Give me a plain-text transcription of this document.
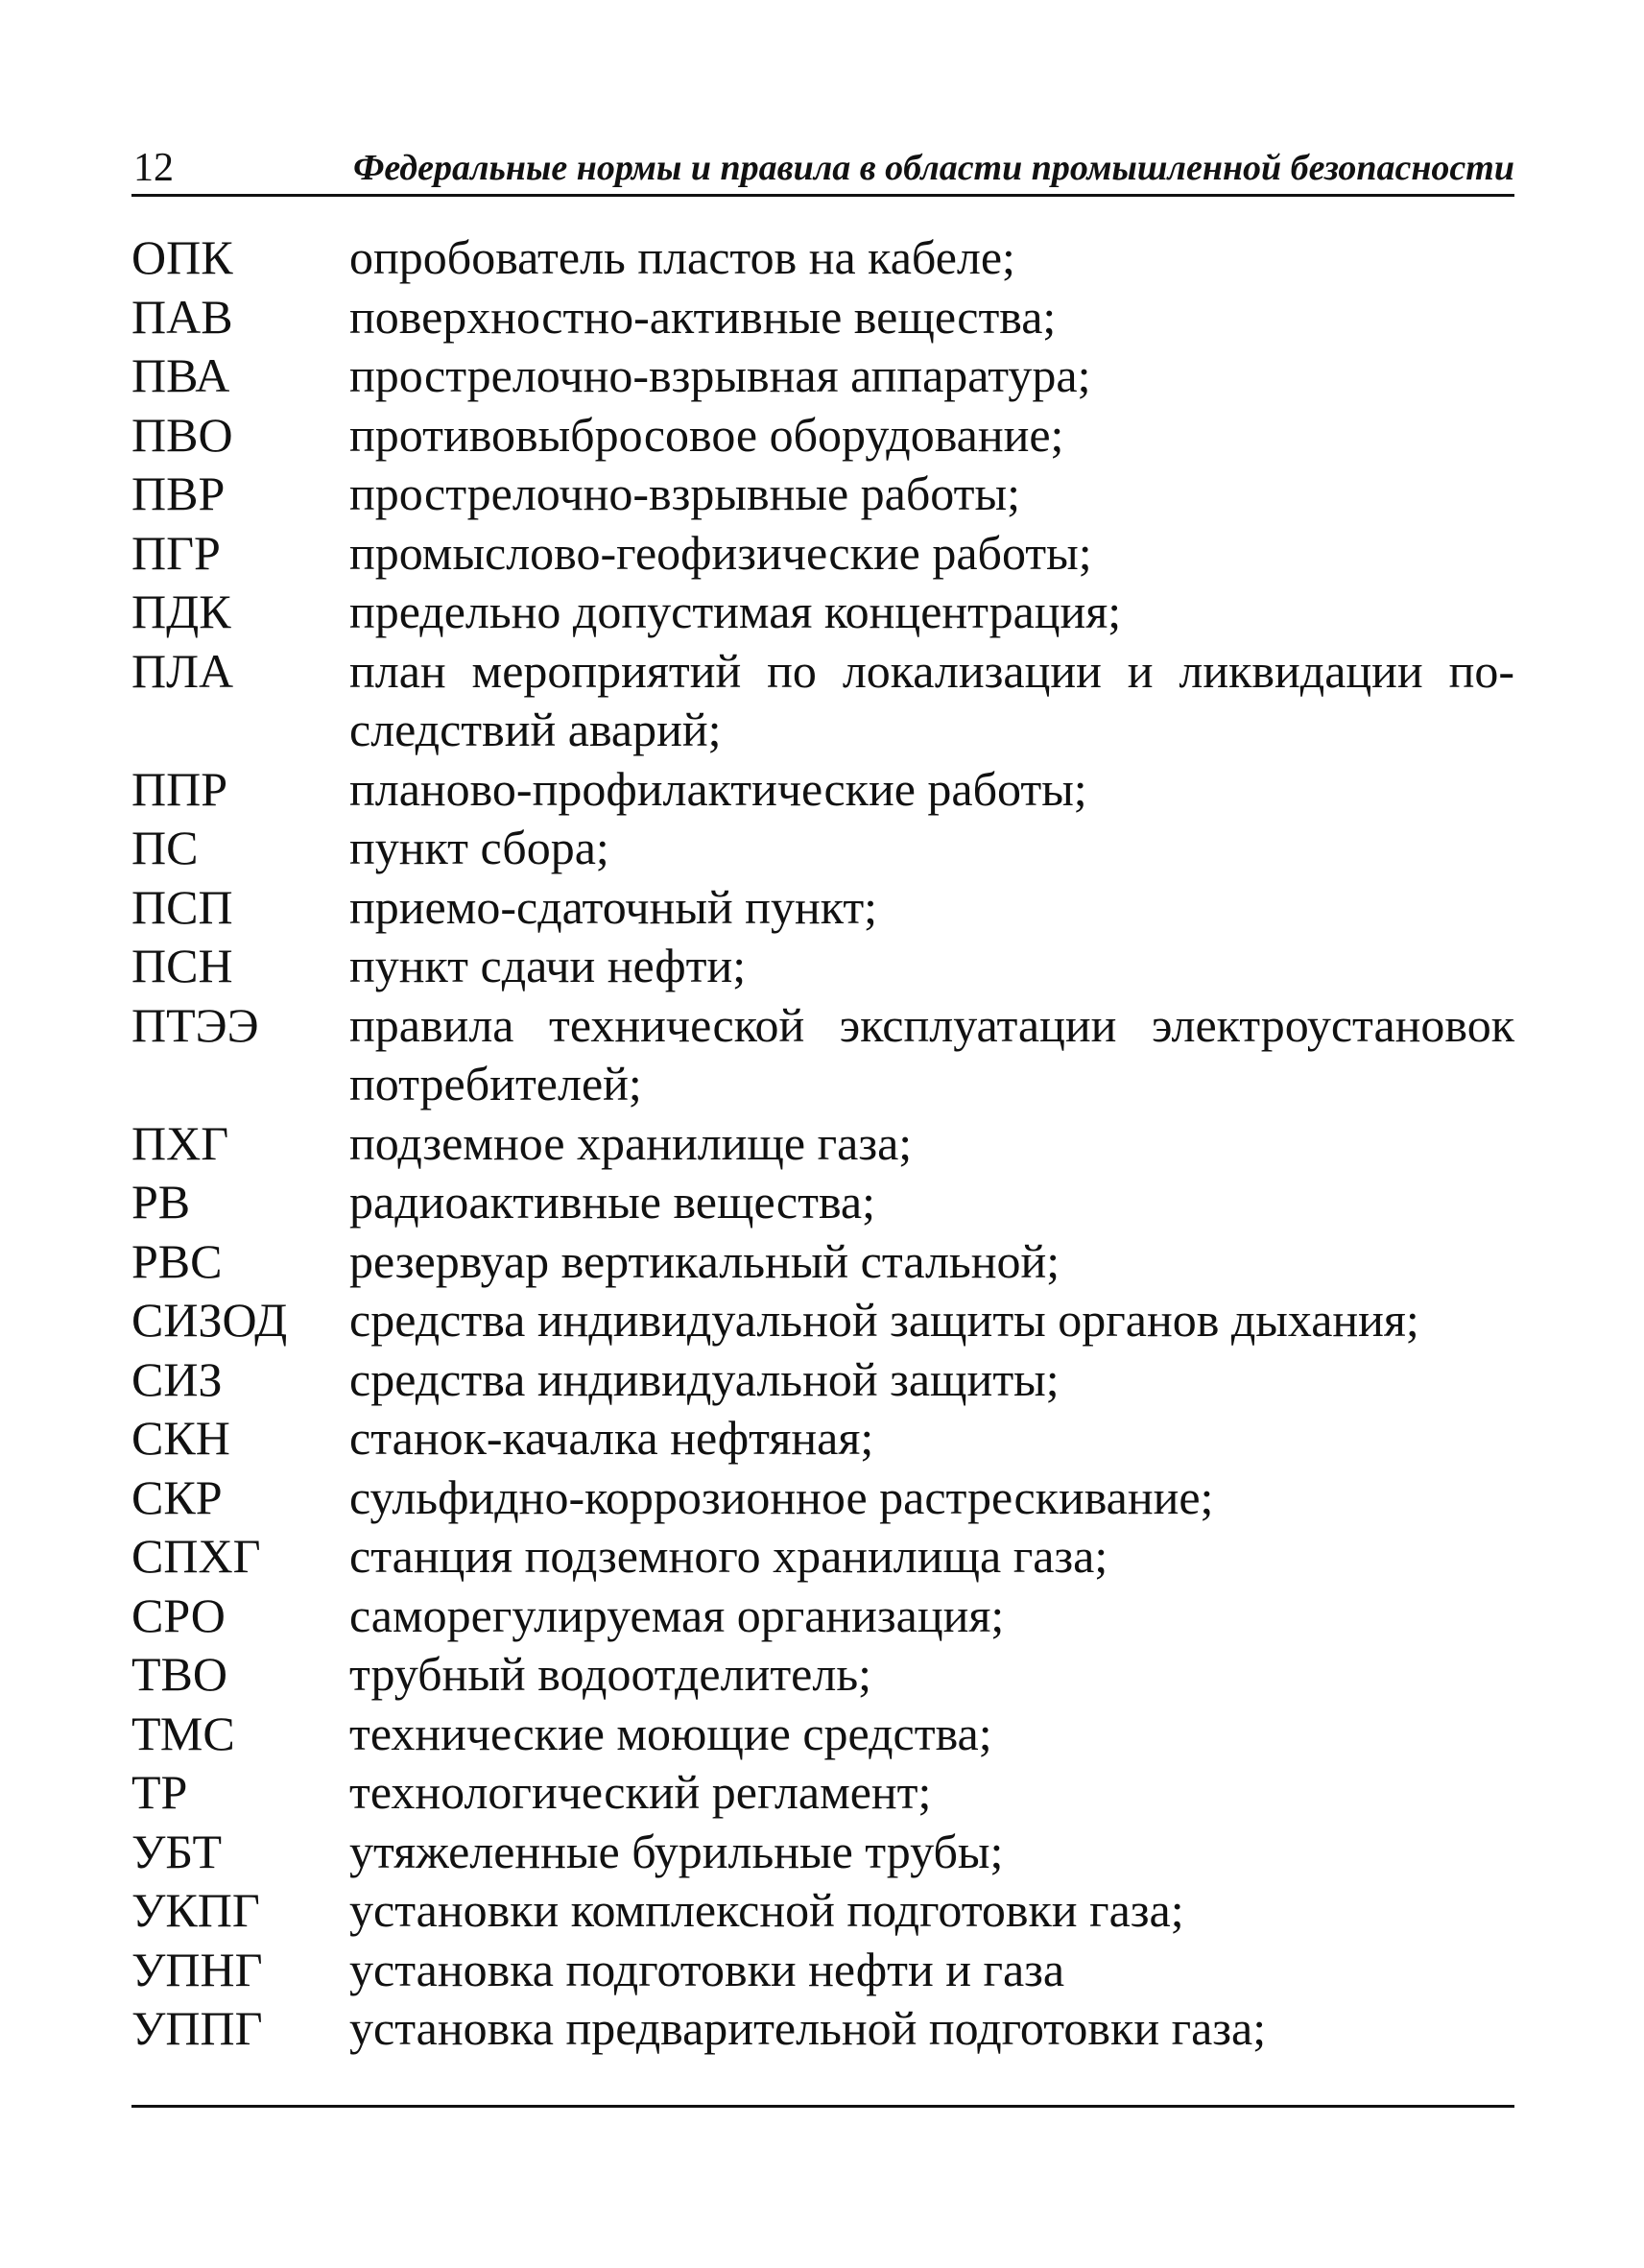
12	Федеральные нормы и правила в области промышленной безопасности
ОПК	опробователь пластов на кабеле;
ПАВ	поверхностно-активные вещества;
ПВА	прострелочно-взрывная аппаратура;
ПВО	противовыбросовое оборудование;
ПВР	прострелочно-взрывные работы;
ПГР	промыслово-геофизические работы;
ПДК	предельно допустимая концентрация;
ПЛА	план мероприятий по локализации и ликвидации последствий аварий;
ППР	планово-профилактические работы;
ПС	пункт сбора;
ПСП	приемо-сдаточный пункт;
ПСН	пункт сдачи нефти;
ПТЭЭ	правила технической эксплуатации электроустановок потребителей;
ПХГ	подземное хранилище газа;
РВ	радиоактивные вещества;
РВС	резервуар вертикальный стальной;
СИЗОД	средства индивидуальной защиты органов дыхания;
СИЗ	средства индивидуальной защиты;
СКН	станок-качалка нефтяная;
СКР	сульфидно-коррозионное растрескивание;
СПХГ	станция подземного хранилища газа;
СРО	саморегулируемая организация;
ТВО	трубный водоотделитель;
ТМС	технические моющие средства;
ТР	технологический регламент;
УБТ	утяжеленные бурильные трубы;
УКПГ	установки комплексной подготовки газа;
УПНГ	установка подготовки нефти и газа
УППГ	установка предварительной подготовки газа;
